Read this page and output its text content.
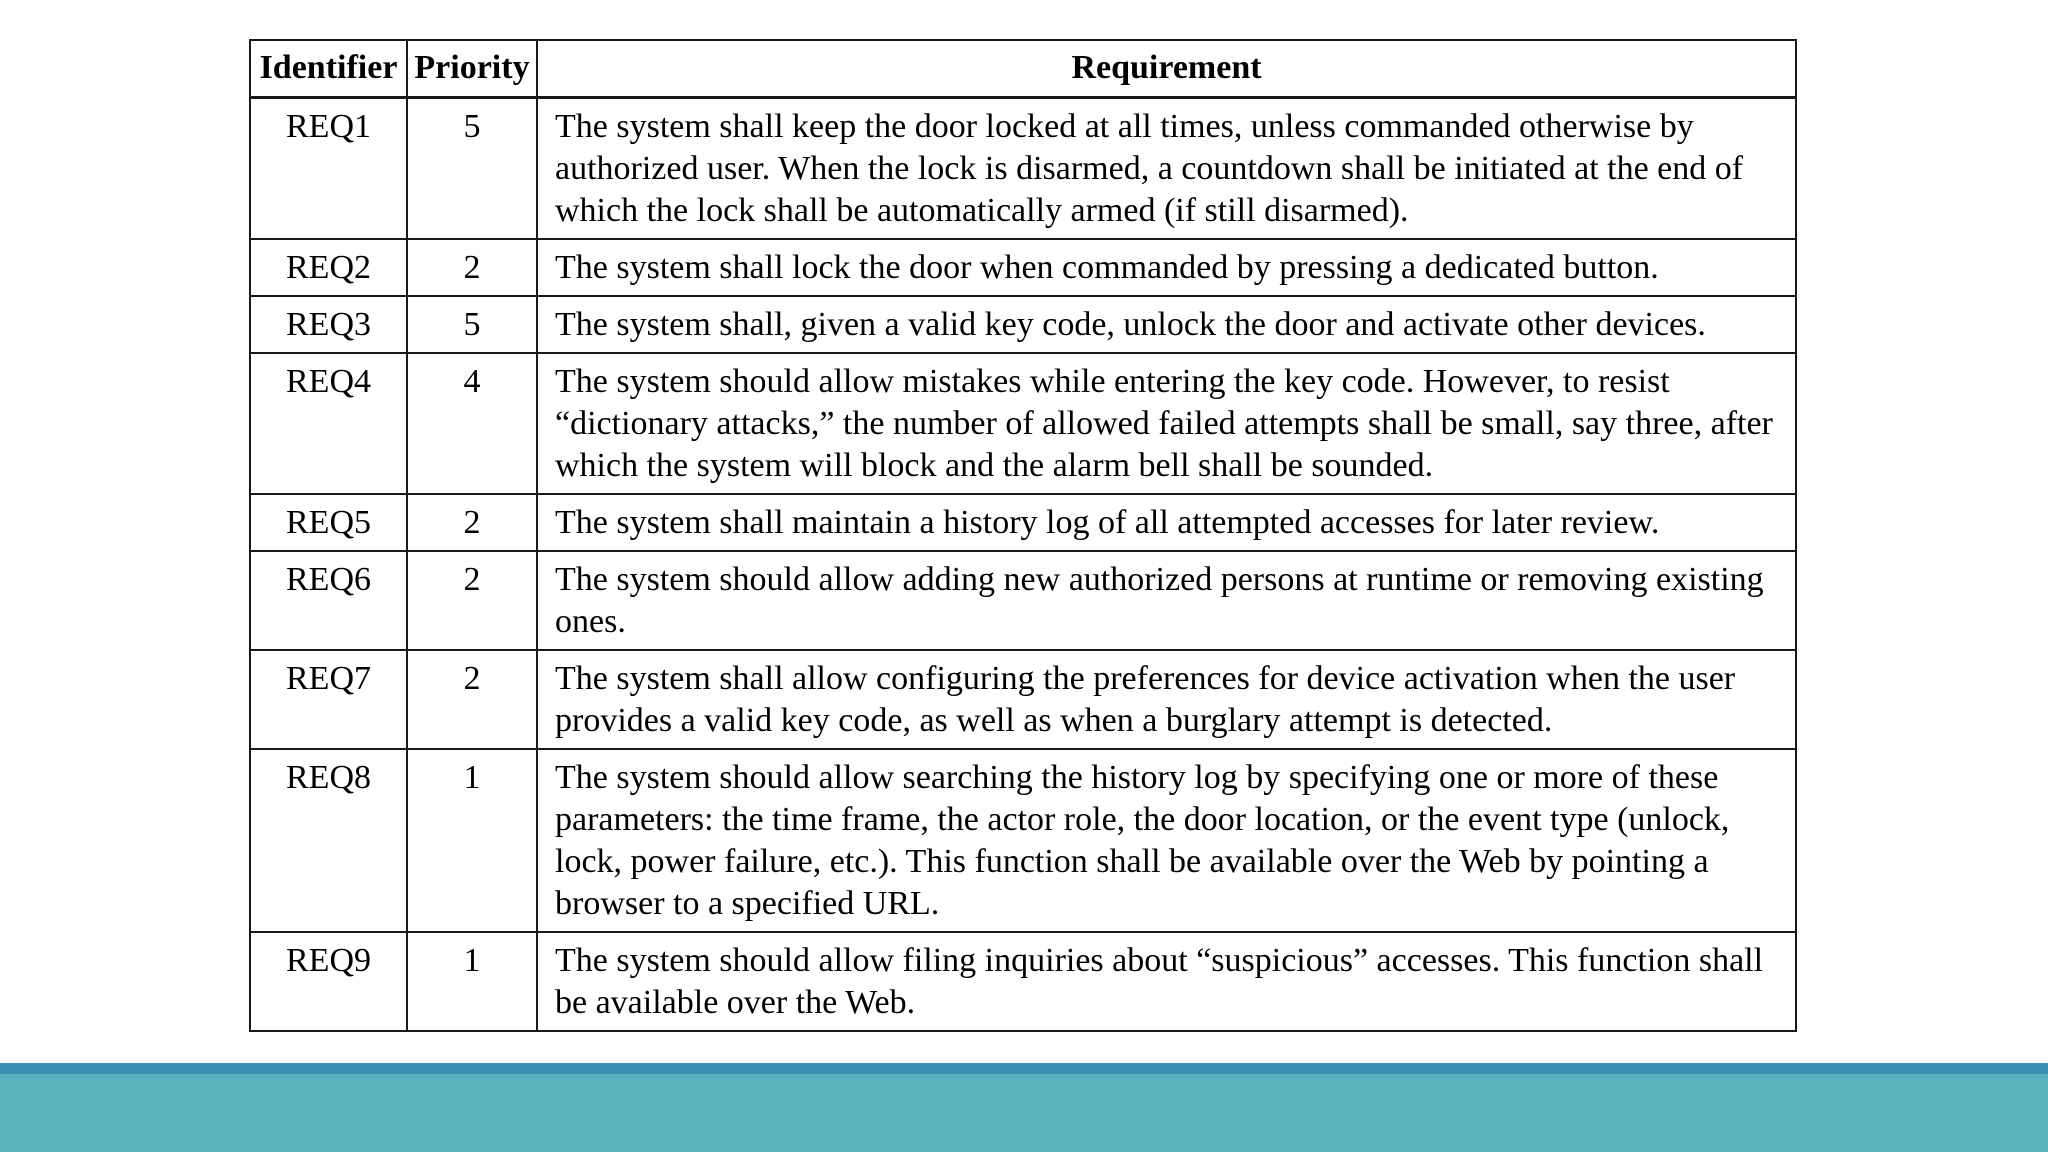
Identifier	Priority	Requirement
REQ1	5	The system shall keep the door locked at all times, unless commanded otherwise by authorized user. When the lock is disarmed, a countdown shall be initiated at the end of which the lock shall be automatically armed (if still disarmed).
REQ2	2	The system shall lock the door when commanded by pressing a dedicated button.
REQ3	5	The system shall, given a valid key code, unlock the door and activate other devices.
REQ4	4	The system should allow mistakes while entering the key code. However, to resist “dictionary attacks,” the number of allowed failed attempts shall be small, say three, after which the system will block and the alarm bell shall be sounded.
REQ5	2	The system shall maintain a history log of all attempted accesses for later review.
REQ6	2	The system should allow adding new authorized persons at runtime or removing existing ones.
REQ7	2	The system shall allow configuring the preferences for device activation when the user provides a valid key code, as well as when a burglary attempt is detected.
REQ8	1	The system should allow searching the history log by specifying one or more of these parameters: the time frame, the actor role, the door location, or the event type (unlock, lock, power failure, etc.). This function shall be available over the Web by pointing a browser to a specified URL.
REQ9	1	The system should allow filing inquiries about “suspicious” accesses. This function shall be available over the Web.
